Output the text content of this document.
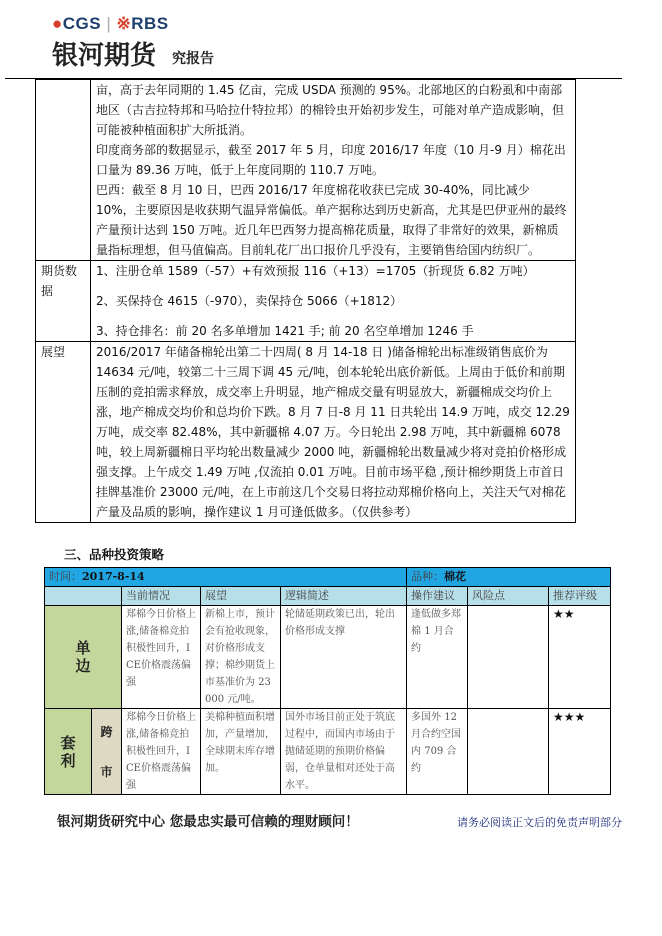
●CGS | ※RBS
银河期货 究报告

	亩，高于去年同期的 1.45 亿亩，完成 USDA 预测的 95%。北部地区的白粉虱和中南部地区（古吉拉特邦和马哈拉什特拉邦）的棉铃虫开始初步发生，可能对单产造成影响，但可能被种植面积扩大所抵消。

印度商务部的数据显示，截至 2017 年 5 月，印度 2016/17 年度（10 月-9 月）棉花出口量为 89.36 万吨，低于上年度同期的 110.7 万吨。

巴西：截至 8 月 10 日，巴西 2016/17 年度棉花收获已完成 30-40%，同比减少 10%，主要原因是收获期气温异常偏低。单产据称达到历史新高，尤其是巴伊亚州的最终产量预计达到 150 万吨。近几年巴西努力提高棉花质量，取得了非常好的效果，新棉质量指标理想，但马值偏高。目前轧花厂出口报价几乎没有，主要销售给国内纺织厂。

期货数据	1、注册仓单 1589（-57）+有效预报 116（+13）=1705（折现货 6.82 万吨）

2、买保持仓 4615（-970），卖保持仓 5066（+1812）

3、持仓排名：前 20 名多单增加 1421 手; 前 20 名空单增加 1246 手

展望	2016/2017 年储备棉轮出第二十四周( 8 月 14-18 日 )储备棉轮出标准级销售底价为 14634 元/吨，较第二十三周下调 45 元/吨，创本轮轮出底价新低。上周由于低价和前期压制的竞拍需求释放，成交率上升明显，地产棉成交量有明显放大，新疆棉成交均价上涨，地产棉成交均价和总均价下跌。8 月 7 日-8 月 11 日共轮出 14.9 万吨，成交 12.29 万吨，成交率 82.48%，其中新疆棉 4.07 万。今日轮出 2.98 万吨，其中新疆棉 6078 吨，较上周新疆棉日平均轮出数量减少 2000 吨，新疆棉轮出数量减少将对竞拍价格形成强支撑。上午成交 1.49 万吨 ,仅流拍 0.01 万吨。目前市场平稳 ,预计棉纱期货上市首日挂牌基准价 23000 元/吨，在上市前这几个交易日将拉动郑棉价格向上，关注天气对棉花产量及品质的影响，操作建议 1 月可逢低做多。（仅供参考）

三、品种投资策略
时间：2017-8-14					品种：棉花		
		当前情况	展望	逻辑简述	操作建议	风险点	推荐评级

单边		郑棉今日价格上涨,储备棉竞拍积极性回升，ICE价格震荡偏强	新棉上市，预计会有抢收现象，对价格形成支撑；棉纱期货上市基准价为 23000 元/吨。	轮储延期政策已出，轮出价格形成支撑	逢低做多郑棉 1 月合约		★★

套利	跨市	郑棉今日价格上涨,储备棉竞拍积极性回升，ICE价格震荡偏强	美棉种植面积增加，产量增加，全球期末库存增加。	国外市场目前正处于筑底过程中，而国内市场由于抛储延期的预期价格偏弱，仓单量相对还处于高水平。	多国外 12 月合约空国内 709 合约		★★★
银河期货研究中心 您最忠实最可信赖的理财顾问！	请务必阅读正文后的免责声明部分
